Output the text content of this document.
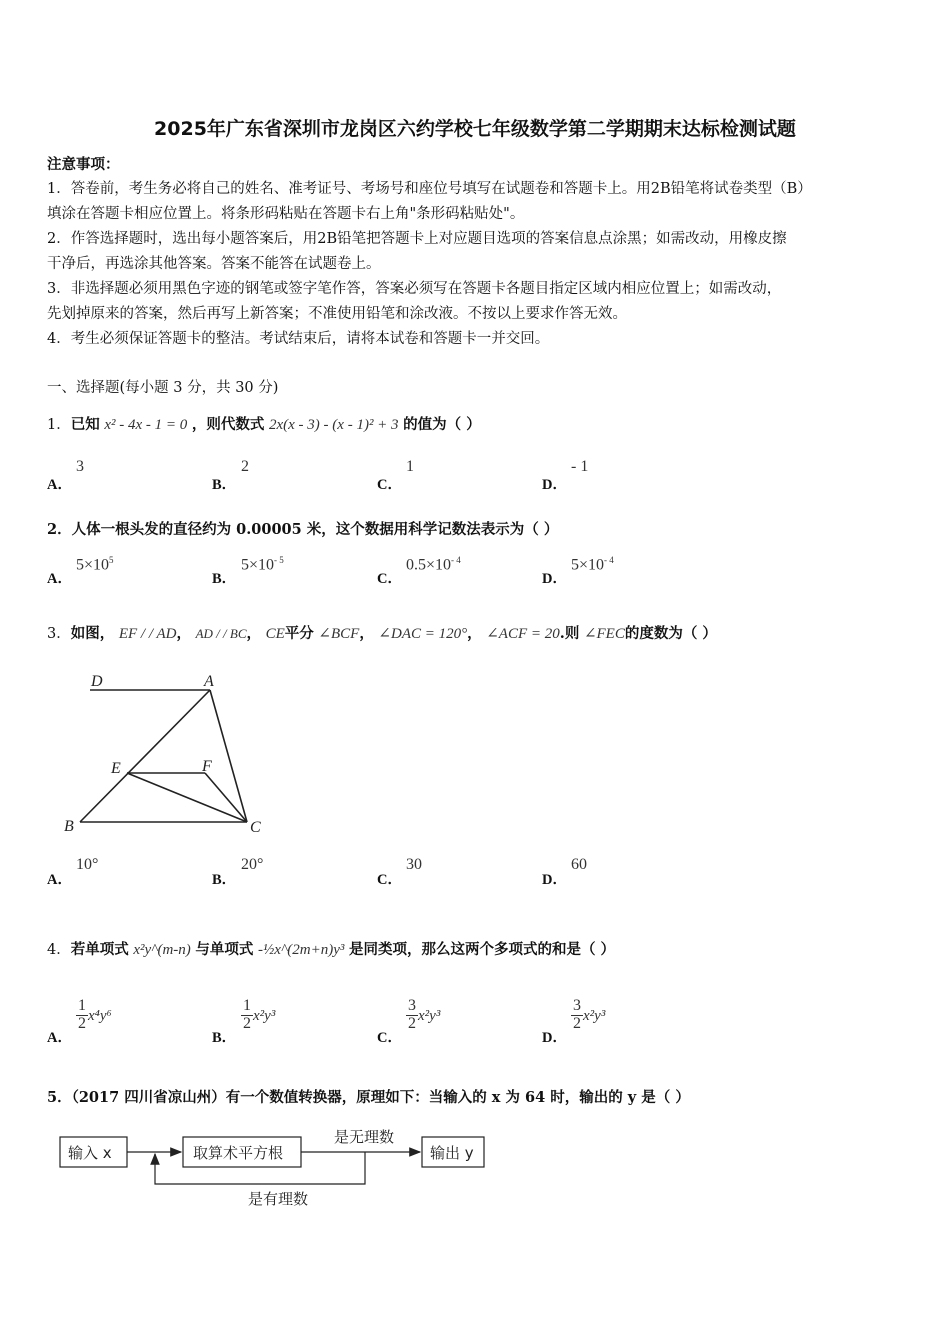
2025年广东省深圳市龙岗区六约学校七年级数学第二学期期末达标检测试题
注意事项：
1．答卷前，考生务必将自己的姓名、准考证号、考场号和座位号填写在试题卷和答题卡上。用2B铅笔将试卷类型（B）
填涂在答题卡相应位置上。将条形码粘贴在答题卡右上角"条形码粘贴处"。
2．作答选择题时，选出每小题答案后，用2B铅笔把答题卡上对应题目选项的答案信息点涂黑；如需改动，用橡皮擦
干净后，再选涂其他答案。答案不能答在试题卷上。
3．非选择题必须用黑色字迹的钢笔或签字笔作答，答案必须写在答题卡各题目指定区域内相应位置上；如需改动，
先划掉原来的答案，然后再写上新答案；不准使用铅笔和涂改液。不按以上要求作答无效。
4．考生必须保证答题卡的整洁。考试结束后，请将本试卷和答题卡一并交回。
一、选择题(每小题 3 分，共 30 分)
1．已知 x² - 4x - 1 = 0 ，则代数式 2x(x - 3) - (x - 1)² + 3 的值为（ ）
A．
3
B．
2
C．
1
D．
- 1
2．人体一根头发的直径约为 0.00005 米，这个数据用科学记数法表示为（ ）
A．
$5\times 10^5$
B．
$5\times 10^{- 5}$
C．
$0.5\times 10^{- 4}$
D．
$5\times 10^{- 4}$
3．如图， EF / / AD， AD / / BC， CE平分 ∠BCF， ∠DAC = 120°， ∠ACF = 20.则 ∠FEC的度数为（ ）
D	A
E	F
B	C
A．
10°
B．
20°
C．
30
D．
60
4．若单项式 x²y^(m-n) 与单项式 -½x^(2m+n)y³ 是同类项，那么这两个多项式的和是（ ）
A．
$\frac{1}{2} x^4y^6$
B．
$\frac{1}{2} x^2y^3$
C．
$\frac{3}{2} x^2y^3$
D．
$\frac{3}{2} x^2y^3$
5．（2017 四川省凉山州）有一个数值转换器，原理如下：当输入的 x 为 64 时，输出的 y 是（ ）
输入 x	取算术平方根
是无理数
输出 y
是有理数
